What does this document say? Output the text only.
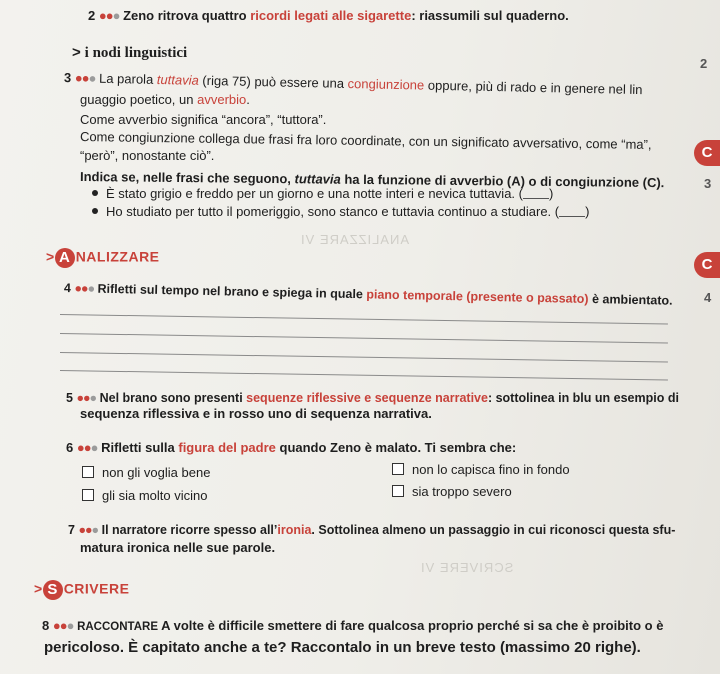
ANALIZZARE VI
SCRIVERE VI
2 ●●● Zeno ritrova quattro ricordi legati alle sigarette: riassumili sul quaderno.
> i nodi linguistici
3 ●●● La parola tuttavia (riga 75) può essere una congiunzione oppure, più di rado e in genere nel lin
guaggio poetico, un avverbio.
Come avverbio significa “ancora”, “tuttora”.
Come congiunzione collega due frasi fra loro coordinate, con un significato avversativo, come “ma”,
“però”, nonostante ciò”.
Indica se, nelle frasi che seguono, tuttavia ha la funzione di avverbio (A) o di congiunzione (C).
È stato grigio e freddo per un giorno e una notte interi e nevica tuttavia. ( )
Ho studiato per tutto il pomeriggio, sono stanco e tuttavia continuo a studiare. ( )
> A NALIZZARE
4 ●●● Rifletti sul tempo nel brano e spiega in quale piano temporale (presente o passato) è ambientato.
5 ●●● Nel brano sono presenti sequenze riflessive e sequenze narrative: sottolinea in blu un esempio di
sequenza riflessiva e in rosso uno di sequenza narrativa.
6 ●●● Rifletti sulla figura del padre quando Zeno è malato. Ti sembra che:
non gli voglia bene	non lo capisca fino in fondo
gli sia molto vicino	sia troppo severo
7 ●●● Il narratore ricorre spesso all’ironia. Sottolinea almeno un passaggio in cui riconosci questa sfu-
matura ironica nelle sue parole.
> S CRIVERE
8 ●●● RACCONTARE A volte è difficile smettere di fare qualcosa proprio perché si sa che è proibito o è
pericoloso. È capitato anche a te? Raccontalo in un breve testo (massimo 20 righe).
2
3
4
C
C
